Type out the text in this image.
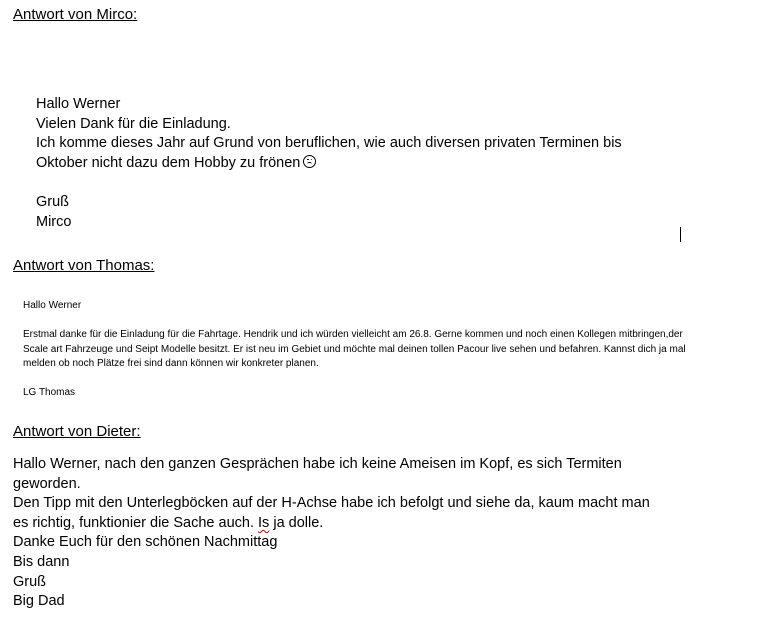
Antwort von Mirco:
Hallo Werner
Vielen Dank für die Einladung.
Ich komme dieses Jahr auf Grund von beruflichen, wie auch diversen privaten Terminen bis
Oktober nicht dazu dem Hobby zu frönen
Gruß
Mirco
Antwort von Thomas:
Hallo Werner
Erstmal danke für die Einladung für die Fahrtage. Hendrik und ich würden vielleicht am 26.8. Gerne kommen und noch einen Kollegen mitbringen,der
Scale art Fahrzeuge und Seipt Modelle besitzt. Er ist neu im Gebiet und möchte mal deinen tollen Pacour live sehen und befahren. Kannst dich ja mal
melden ob noch Plätze frei sind dann können wir konkreter planen.
LG Thomas
Antwort von Dieter:
Hallo Werner, nach den ganzen Gesprächen habe ich keine Ameisen im Kopf, es sich Termiten
geworden.
Den Tipp mit den Unterlegböcken auf der H-Achse habe ich befolgt und siehe da, kaum macht man
es richtig, funktionier die Sache auch. Is ja dolle.
Danke Euch für den schönen Nachmittag
Bis dann
Gruß
Big Dad
